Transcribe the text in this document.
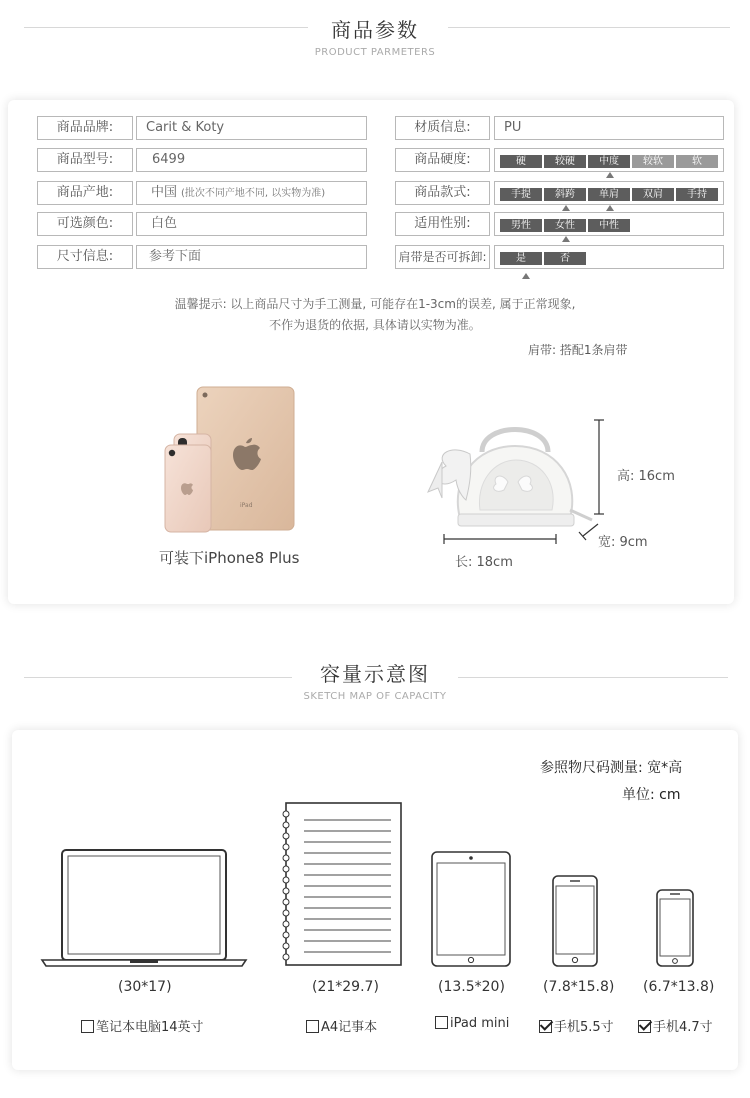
商品参数
PRODUCT PARMETERS
商品品牌:	Carit & Koty
商品型号:	6499
商品产地:	中国 (批次不同产地不同, 以实物为准)
可选颜色:	白色
尺寸信息:	参考下面
材质信息:	PU
商品硬度:	硬	较硬	中度	较软	软
商品款式:	手提	斜跨	单肩	双肩	手持
适用性别:	男性	女性	中性
肩带是否可拆卸:	是	否
温馨提示: 以上商品尺寸为手工测量, 可能存在1-3cm的误差, 属于正常现象,
不作为退货的依据, 具体请以实物为准。
肩带: 搭配1条肩带
iPad
可装下iPhone8 Plus
高: 16cm
宽: 9cm
长: 18cm
容量示意图
SKETCH MAP OF CAPACITY
参照物尺码测量: 宽*高
单位: cm
(30*17)	(21*29.7)	(13.5*20)	(7.8*15.8) (6.7*13.8)
笔记本电脑14英寸	A4记事本	iPad mini	手机5.5寸	手机4.7寸
